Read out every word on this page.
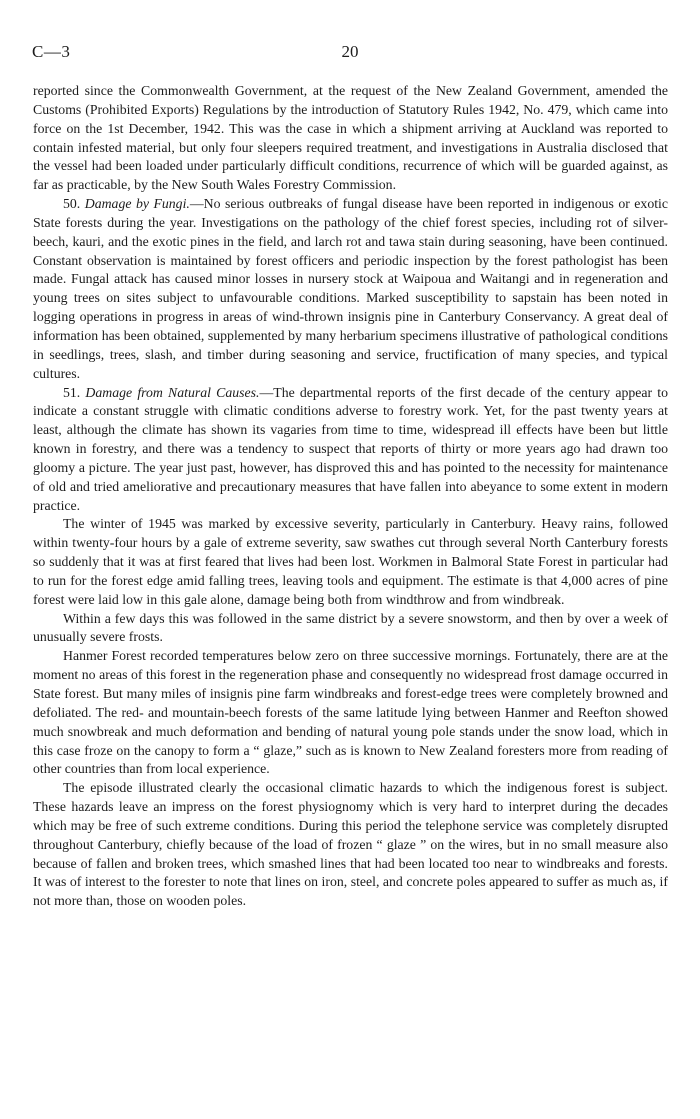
C—3	20

reported since the Commonwealth Government, at the request of the New Zealand Government, amended the Customs (Prohibited Exports) Regulations by the introduction of Statutory Rules 1942, No. 479, which came into force on the 1st December, 1942. This was the case in which a shipment arriving at Auckland was reported to contain infested material, but only four sleepers required treatment, and investigations in Australia disclosed that the vessel had been loaded under particularly difficult conditions, recurrence of which will be guarded against, as far as practicable, by the New South Wales Forestry Commission.

50. Damage by Fungi.—No serious outbreaks of fungal disease have been reported in indigenous or exotic State forests during the year. Investigations on the pathology of the chief forest species, including rot of silver-beech, kauri, and the exotic pines in the field, and larch rot and tawa stain during seasoning, have been continued. Constant observation is maintained by forest officers and periodic inspection by the forest pathologist has been made. Fungal attack has caused minor losses in nursery stock at Waipoua and Waitangi and in regeneration and young trees on sites subject to unfavourable conditions. Marked susceptibility to sapstain has been noted in logging operations in progress in areas of wind-thrown insignis pine in Canterbury Conservancy. A great deal of information has been obtained, supplemented by many herbarium specimens illustrative of pathological conditions in seedlings, trees, slash, and timber during seasoning and service, fructification of many species, and typical cultures.

51. Damage from Natural Causes.—The departmental reports of the first decade of the century appear to indicate a constant struggle with climatic conditions adverse to forestry work. Yet, for the past twenty years at least, although the climate has shown its vagaries from time to time, widespread ill effects have been but little known in forestry, and there was a tendency to suspect that reports of thirty or more years ago had drawn too gloomy a picture. The year just past, however, has disproved this and has pointed to the necessity for maintenance of old and tried ameliorative and precautionary measures that have fallen into abeyance to some extent in modern practice.

The winter of 1945 was marked by excessive severity, particularly in Canterbury. Heavy rains, followed within twenty-four hours by a gale of extreme severity, saw swathes cut through several North Canterbury forests so suddenly that it was at first feared that lives had been lost. Workmen in Balmoral State Forest in particular had to run for the forest edge amid falling trees, leaving tools and equipment. The estimate is that 4,000 acres of pine forest were laid low in this gale alone, damage being both from windthrow and from windbreak.

Within a few days this was followed in the same district by a severe snowstorm, and then by over a week of unusually severe frosts.

Hanmer Forest recorded temperatures below zero on three successive mornings. Fortunately, there are at the moment no areas of this forest in the regeneration phase and consequently no widespread frost damage occurred in State forest. But many miles of insignis pine farm windbreaks and forest-edge trees were completely browned and defoliated. The red- and mountain-beech forests of the same latitude lying between Hanmer and Reefton showed much snowbreak and much deformation and bending of natural young pole stands under the snow load, which in this case froze on the canopy to form a “ glaze,” such as is known to New Zealand foresters more from reading of other countries than from local experience.

The episode illustrated clearly the occasional climatic hazards to which the indigenous forest is subject. These hazards leave an impress on the forest physiognomy which is very hard to interpret during the decades which may be free of such extreme conditions. During this period the telephone service was completely disrupted throughout Canterbury, chiefly because of the load of frozen “ glaze ” on the wires, but in no small measure also because of fallen and broken trees, which smashed lines that had been located too near to windbreaks and forests. It was of interest to the forester to note that lines on iron, steel, and concrete poles appeared to suffer as much as, if not more than, those on wooden poles.
